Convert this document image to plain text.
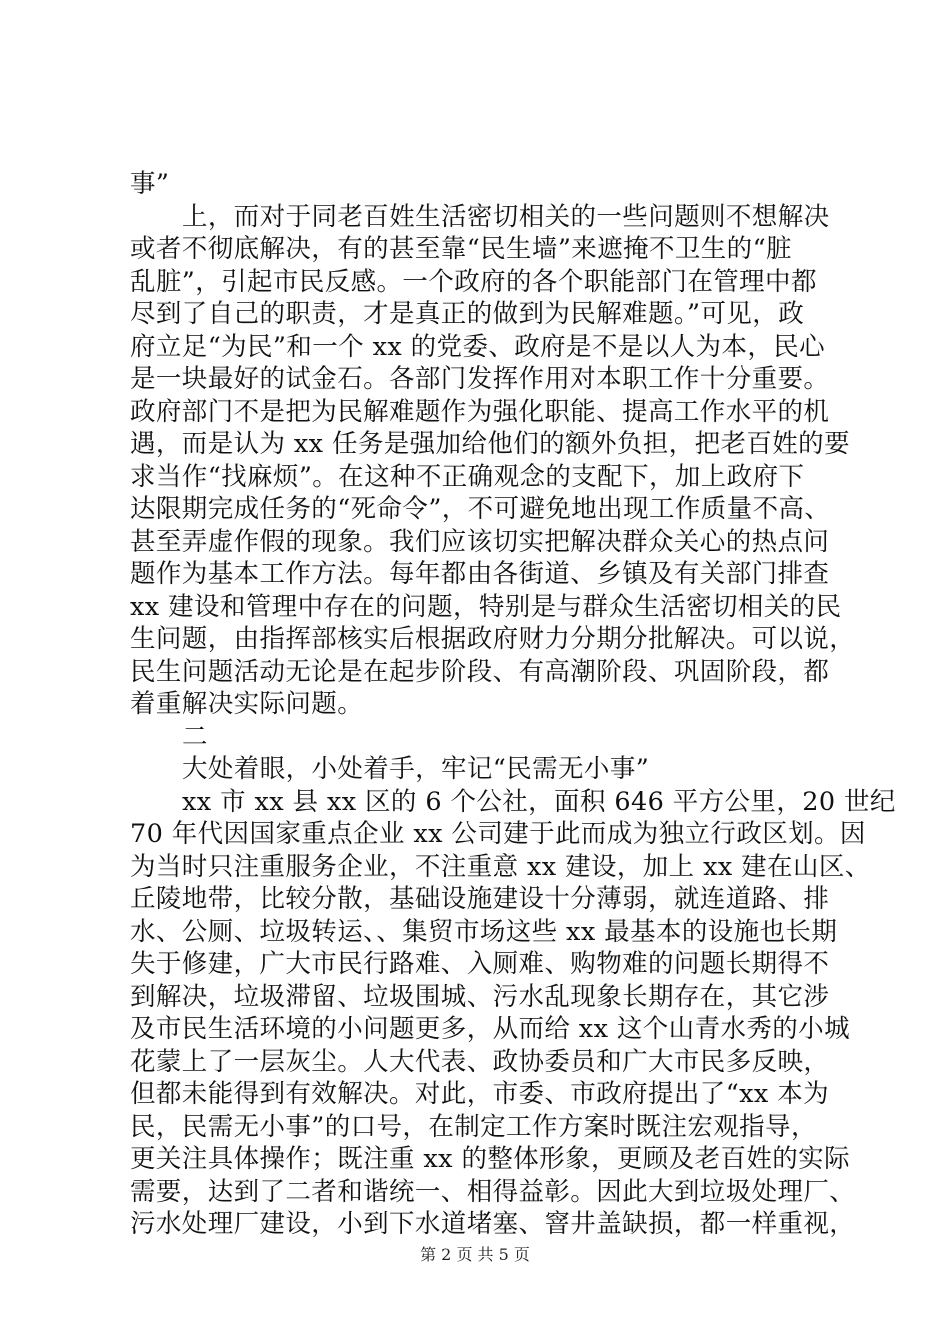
事”
上，而对于同老百姓生活密切相关的一些问题则不想解决
或者不彻底解决，有的甚至靠“民生墙”来遮掩不卫生的“脏
乱脏”，引起市民反感。一个政府的各个职能部门在管理中都
尽到了自己的职责，才是真正的做到为民解难题。”可见，政
府立足“为民”和一个 xx 的党委、政府是不是以人为本，民心
是一块最好的试金石。各部门发挥作用对本职工作十分重要。
政府部门不是把为民解难题作为强化职能、提高工作水平的机
遇，而是认为 xx 任务是强加给他们的额外负担，把老百姓的要
求当作“找麻烦”。在这种不正确观念的支配下，加上政府下
达限期完成任务的“死命令”，不可避免地出现工作质量不高、
甚至弄虚作假的现象。我们应该切实把解决群众关心的热点问
题作为基本工作方法。每年都由各街道、乡镇及有关部门排查
xx 建设和管理中存在的问题，特别是与群众生活密切相关的民
生问题，由指挥部核实后根据政府财力分期分批解决。可以说，
民生问题活动无论是在起步阶段、有高潮阶段、巩固阶段，都
着重解决实际问题。
二
大处着眼，小处着手，牢记“民需无小事”
xx 市 xx 县 xx 区的 6 个公社，面积 646 平方公里，20 世纪
70 年代因国家重点企业 xx 公司建于此而成为独立行政区划。因
为当时只注重服务企业，不注重意 xx 建设，加上 xx 建在山区、
丘陵地带，比较分散，基础设施建设十分薄弱，就连道路、排
水、公厕、垃圾转运、、集贸市场这些 xx 最基本的设施也长期
失于修建，广大市民行路难、入厕难、购物难的问题长期得不
到解决，垃圾滞留、垃圾围城、污水乱现象长期存在，其它涉
及市民生活环境的小问题更多，从而给 xx 这个山青水秀的小城
花蒙上了一层灰尘。人大代表、政协委员和广大市民多反映，
但都未能得到有效解决。对此，市委、市政府提出了“xx 本为
民，民需无小事”的口号，在制定工作方案时既注宏观指导，
更关注具体操作；既注重 xx 的整体形象，更顾及老百姓的实际
需要，达到了二者和谐统一、相得益彰。因此大到垃圾处理厂、
污水处理厂建设，小到下水道堵塞、窨井盖缺损，都一样重视，
第 2 页 共 5 页
